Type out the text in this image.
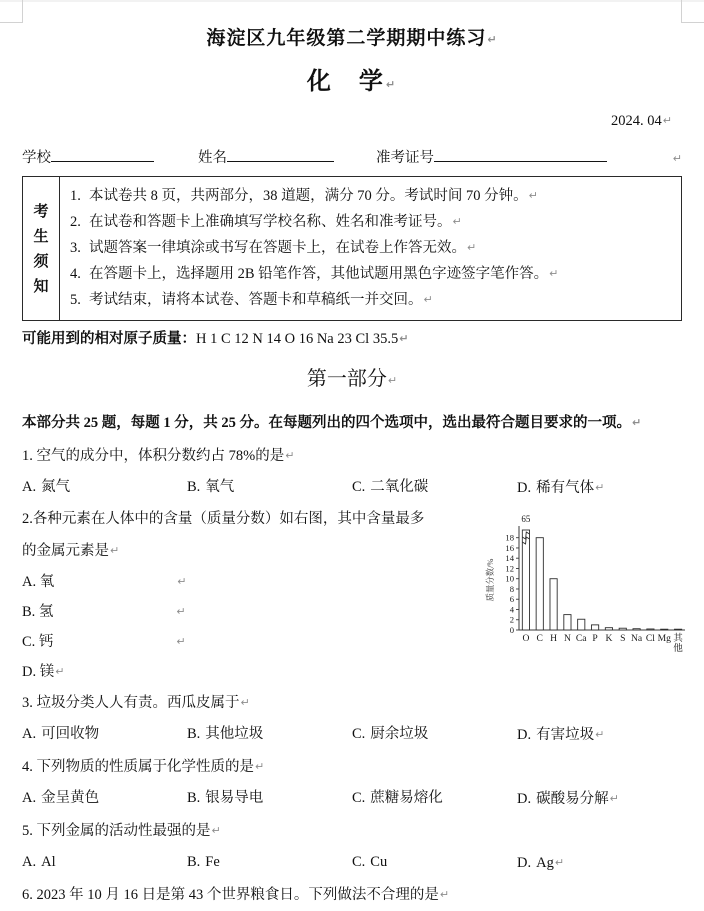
海淀区九年级第二学期期中练习↵
化　学↵
2024. 04↵
学校	姓名	准考证号	↵
考
生
须
知
1. 本试卷共 8 页，共两部分，38 道题，满分 70 分。考试时间 70 分钟。↵
2. 在试卷和答题卡上准确填写学校名称、姓名和准考证号。↵
3. 试题答案一律填涂或书写在答题卡上，在试卷上作答无效。↵
4. 在答题卡上，选择题用 2B 铅笔作答，其他试题用黑色字迹签字笔作答。↵
5. 考试结束，请将本试卷、答题卡和草稿纸一并交回。↵
可能用到的相对原子质量：H 1 C 12 N 14 O 16 Na 23 Cl 35.5↵
第一部分↵
本部分共 25 题，每题 1 分，共 25 分。在每题列出的四个选项中，选出最符合题目要求的一项。↵
1. 空气的成分中，体积分数约占 78%的是↵
A. 氮气	B. 氧气	C. 二氧化碳	D. 稀有气体↵
2.各种元素在人体中的含量（质量分数）如右图，其中含量最多
的金属元素是↵
A. 氧	↵
B. 氢	↵
C. 钙	↵
D. 镁↵
0
2
4
6
8
10
12
14
16
18
质量分数/%
65
O C H N Ca P K S Na Cl Mg 其
他
3. 垃圾分类人人有责。西瓜皮属于↵
A. 可回收物	B. 其他垃圾	C. 厨余垃圾	D. 有害垃圾↵
4. 下列物质的性质属于化学性质的是↵
A. 金呈黄色	B. 银易导电	C. 蔗糖易熔化	D. 碳酸易分解↵
5. 下列金属的活动性最强的是↵
A. Al	B. Fe	C. Cu	D. Ag↵
6. 2023 年 10 月 16 日是第 43 个世界粮食日。下列做法不合理的是↵
